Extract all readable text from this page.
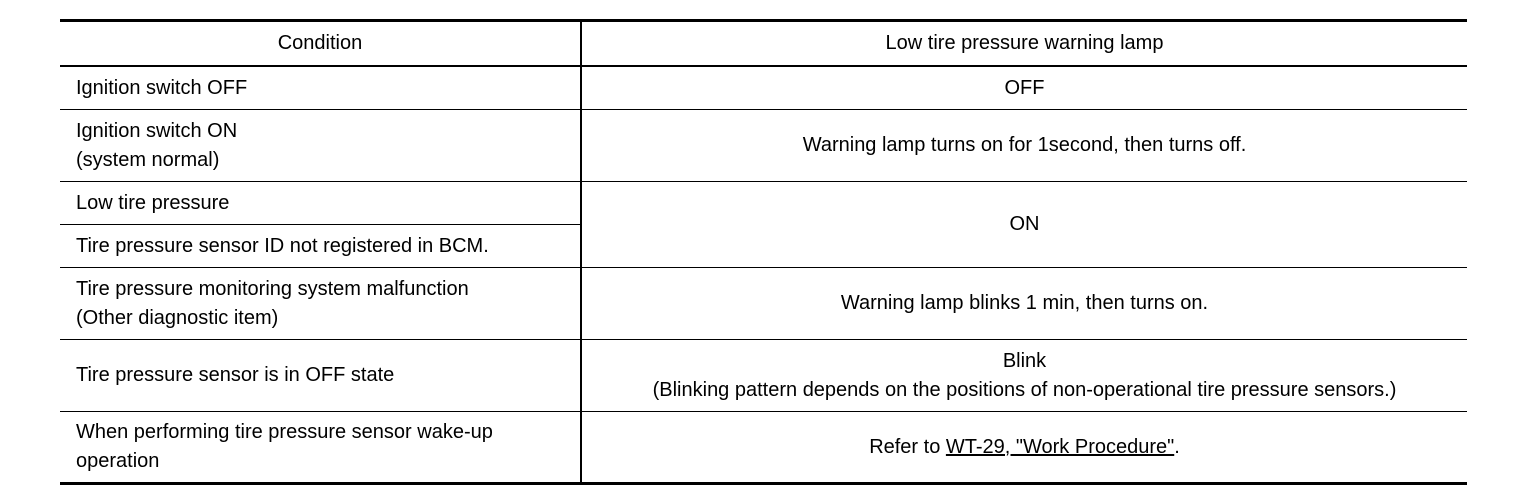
Condition	Low tire pressure warning lamp

Ignition switch OFF	OFF

Ignition switch ON
(system normal)	Warning lamp turns on for 1second, then turns off.

Low tire pressure	ON

Tire pressure sensor ID not registered in BCM.	

Tire pressure monitoring system malfunction
(Other diagnostic item)	Warning lamp blinks 1 min, then turns on.

Tire pressure sensor is in OFF state	Blink
(Blinking pattern depends on the positions of non-operational tire pressure sensors.)

When performing tire pressure sensor wake-up
operation	Refer to WT-29, "Work Procedure".
